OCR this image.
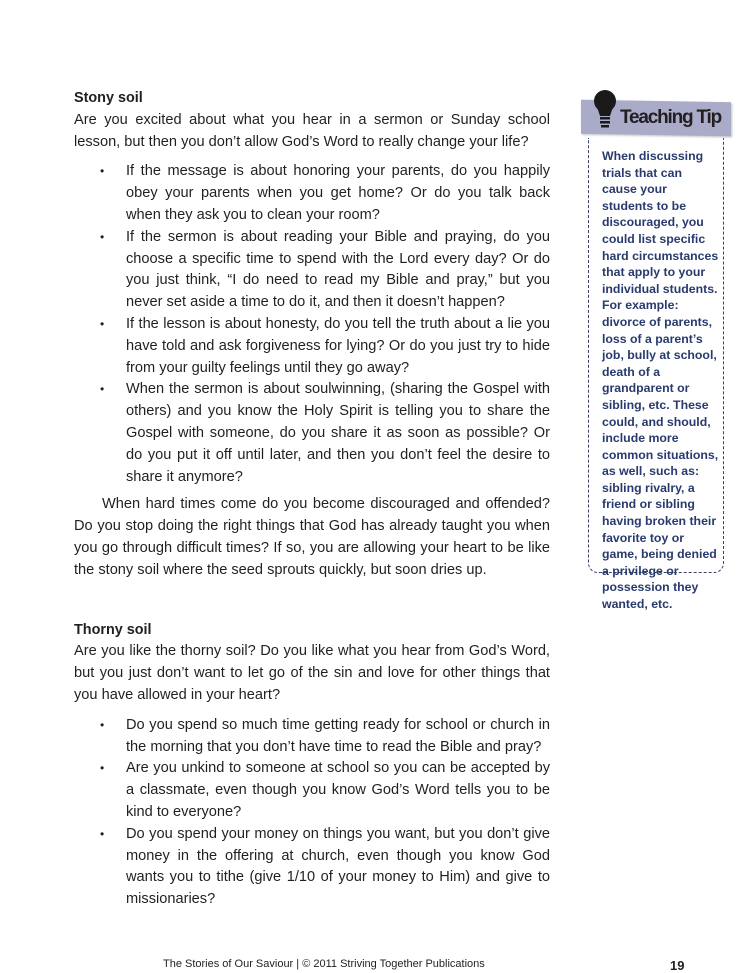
Stony soil

Are you excited about what you hear in a sermon or Sunday school lesson, but then you don’t allow God’s Word to really change your life?

• If the message is about honoring your parents, do you happily obey your parents when you get home? Or do you talk back when they ask you to clean your room?
• If the sermon is about reading your Bible and praying, do you choose a specific time to spend with the Lord every day? Or do you just think, “I do need to read my Bible and pray,” but you never set aside a time to do it, and then it doesn’t happen?
• If the lesson is about honesty, do you tell the truth about a lie you have told and ask forgiveness for lying? Or do you just try to hide from your guilty feelings until they go away?
• When the sermon is about soulwinning, (sharing the Gospel with others) and you know the Holy Spirit is telling you to share the Gospel with someone, do you share it as soon as possible? Or do you put it off until later, and then you don’t feel the desire to share it anymore?

When hard times come do you become discouraged and offended? Do you stop doing the right things that God has already taught you when you go through difficult times? If so, you are allowing your heart to be like the stony soil where the seed sprouts quickly, but soon dries up.

Thorny soil

Are you like the thorny soil? Do you like what you hear from God’s Word, but you just don’t want to let go of the sin and love for other things that you have allowed in your heart?

• Do you spend so much time getting ready for school or church in the morning that you don’t have time to read the Bible and pray?
• Are you unkind to someone at school so you can be accepted by a classmate, even though you know God’s Word tells you to be kind to everyone?
• Do you spend your money on things you want, but you don’t give money in the offering at church, even though you know God wants you to tithe (give 1/10 of your money to Him) and give to missionaries?
Teaching Tip
When discussing trials that can cause your students to be discouraged, you could list specific hard circumstances that apply to your individual students. For example: divorce of parents, loss of a parent’s job, bully at school, death of a grandparent or sibling, etc. These could, and should, include more common situations, as well, such as: sibling rivalry, a friend or sibling having broken their favorite toy or game, being denied a privilege or possession they wanted, etc.
The Stories of Our Saviour | © 2011 Striving Together Publications	19
